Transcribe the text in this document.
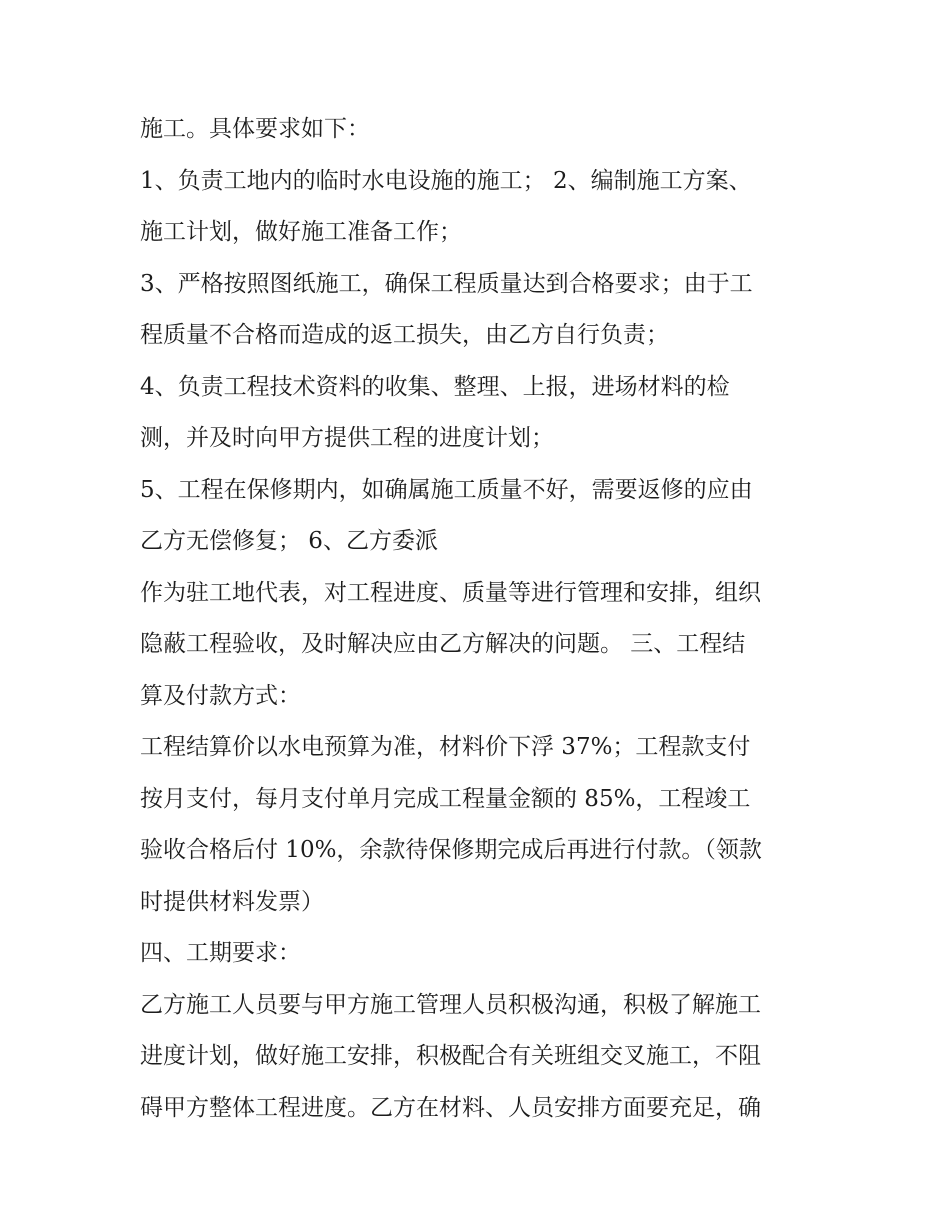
施工。具体要求如下：
1、负责工地内的临时水电设施的施工； 2、编制施工方案、
施工计划，做好施工准备工作；
3、严格按照图纸施工，确保工程质量达到合格要求；由于工
程质量不合格而造成的返工损失，由乙方自行负责；
4、负责工程技术资料的收集、整理、上报，进场材料的检
测，并及时向甲方提供工程的进度计划；
5、工程在保修期内，如确属施工质量不好，需要返修的应由
乙方无偿修复； 6、乙方委派
作为驻工地代表，对工程进度、质量等进行管理和安排，组织
隐蔽工程验收，及时解决应由乙方解决的问题。 三、工程结
算及付款方式：
工程结算价以水电预算为准，材料价下浮 37%；工程款支付
按月支付，每月支付单月完成工程量金额的 85%，工程竣工
验收合格后付 10%，余款待保修期完成后再进行付款。（领款
时提供材料发票）
四、工期要求：
乙方施工人员要与甲方施工管理人员积极沟通，积极了解施工
进度计划，做好施工安排，积极配合有关班组交叉施工，不阻
碍甲方整体工程进度。乙方在材料、人员安排方面要充足，确
